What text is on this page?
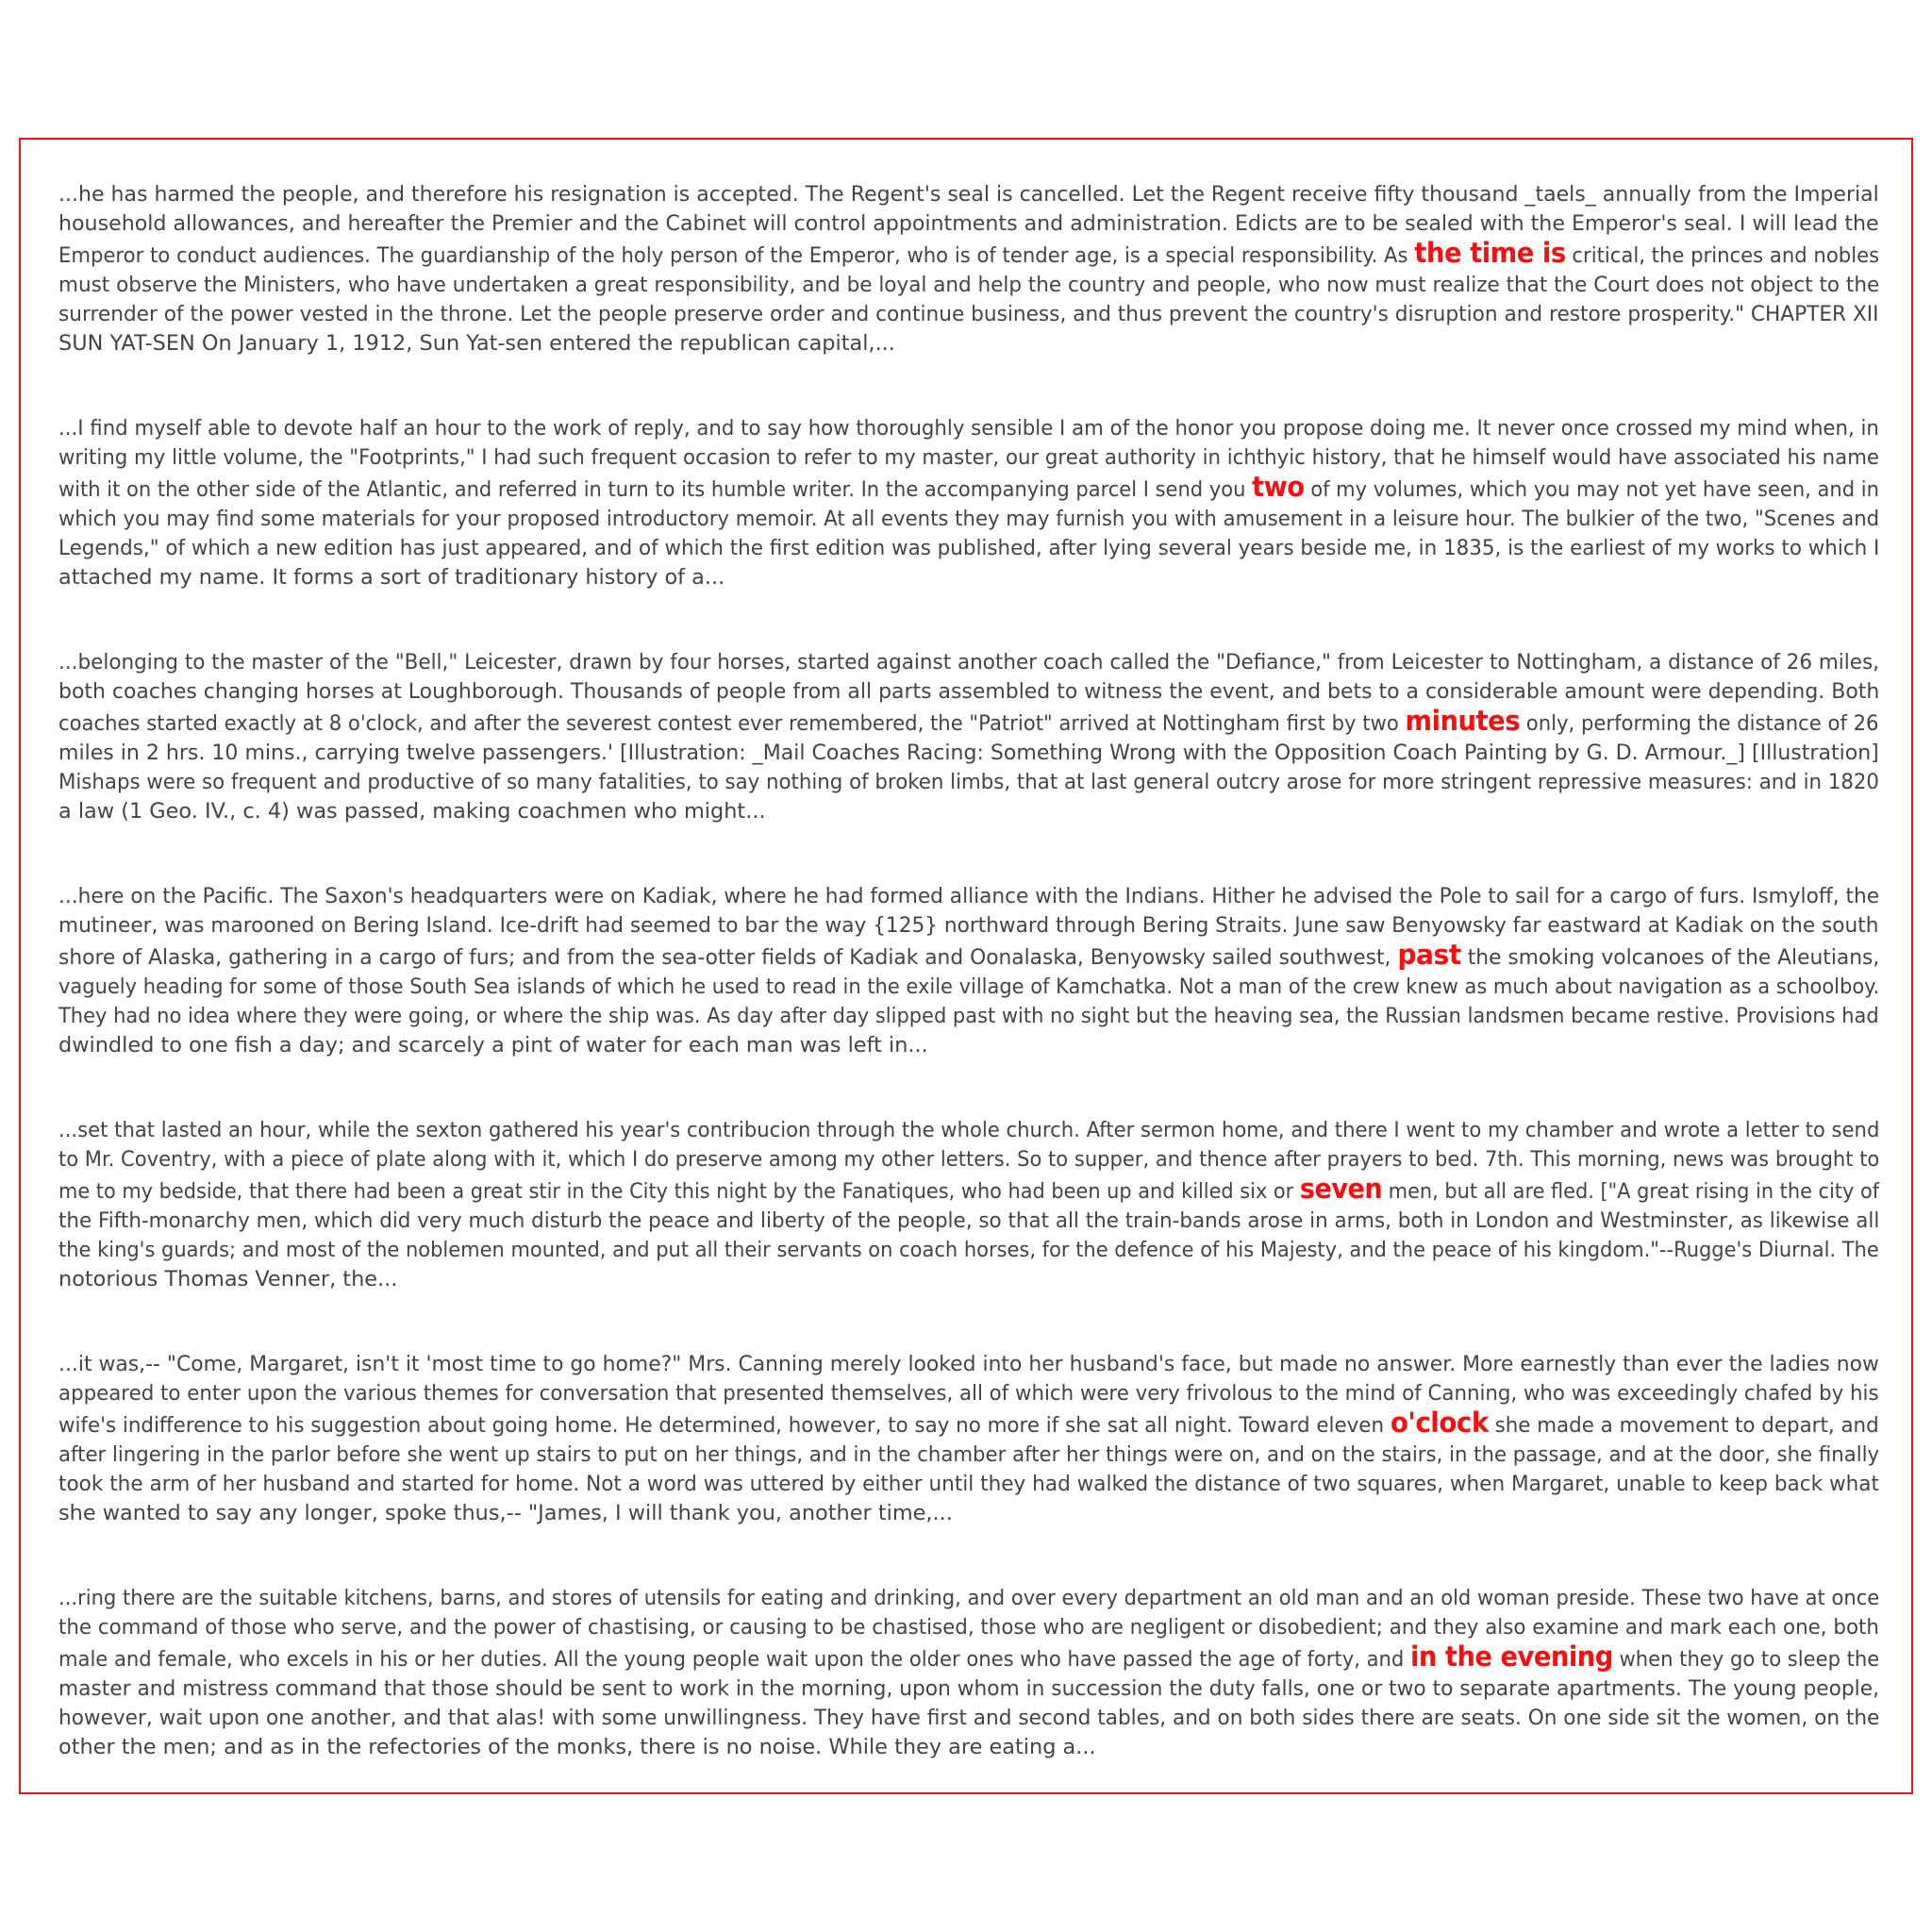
...he has harmed the people, and therefore his resignation is accepted. The Regent's seal is cancelled. Let the Regent receive fifty thousand _taels_ annually from the Imperial
household allowances, and hereafter the Premier and the Cabinet will control appointments and administration. Edicts are to be sealed with the Emperor's seal. I will lead the
Emperor to conduct audiences. The guardianship of the holy person of the Emperor, who is of tender age, is a special responsibility. As the time is critical, the princes and nobles
must observe the Ministers, who have undertaken a great responsibility, and be loyal and help the country and people, who now must realize that the Court does not object to the
surrender of the power vested in the throne. Let the people preserve order and continue business, and thus prevent the country's disruption and restore prosperity." CHAPTER XII
SUN YAT-SEN On January 1, 1912, Sun Yat-sen entered the republican capital,...

...I find myself able to devote half an hour to the work of reply, and to say how thoroughly sensible I am of the honor you propose doing me. It never once crossed my mind when, in
writing my little volume, the "Footprints," I had such frequent occasion to refer to my master, our great authority in ichthyic history, that he himself would have associated his name
with it on the other side of the Atlantic, and referred in turn to its humble writer. In the accompanying parcel I send you two of my volumes, which you may not yet have seen, and in
which you may find some materials for your proposed introductory memoir. At all events they may furnish you with amusement in a leisure hour. The bulkier of the two, "Scenes and
Legends," of which a new edition has just appeared, and of which the first edition was published, after lying several years beside me, in 1835, is the earliest of my works to which I
attached my name. It forms a sort of traditionary history of a...

...belonging to the master of the "Bell," Leicester, drawn by four horses, started against another coach called the "Defiance," from Leicester to Nottingham, a distance of 26 miles,
both coaches changing horses at Loughborough. Thousands of people from all parts assembled to witness the event, and bets to a considerable amount were depending. Both
coaches started exactly at 8 o'clock, and after the severest contest ever remembered, the "Patriot" arrived at Nottingham first by two minutes only, performing the distance of 26
miles in 2 hrs. 10 mins., carrying twelve passengers.' [Illustration: _Mail Coaches Racing: Something Wrong with the Opposition Coach Painting by G. D. Armour._] [Illustration]
Mishaps were so frequent and productive of so many fatalities, to say nothing of broken limbs, that at last general outcry arose for more stringent repressive measures: and in 1820
a law (1 Geo. IV., c. 4) was passed, making coachmen who might...

...here on the Pacific. The Saxon's headquarters were on Kadiak, where he had formed alliance with the Indians. Hither he advised the Pole to sail for a cargo of furs. Ismyloff, the
mutineer, was marooned on Bering Island. Ice-drift had seemed to bar the way {125} northward through Bering Straits. June saw Benyowsky far eastward at Kadiak on the south
shore of Alaska, gathering in a cargo of furs; and from the sea-otter fields of Kadiak and Oonalaska, Benyowsky sailed southwest, past the smoking volcanoes of the Aleutians,
vaguely heading for some of those South Sea islands of which he used to read in the exile village of Kamchatka. Not a man of the crew knew as much about navigation as a schoolboy.
They had no idea where they were going, or where the ship was. As day after day slipped past with no sight but the heaving sea, the Russian landsmen became restive. Provisions had
dwindled to one fish a day; and scarcely a pint of water for each man was left in...

...set that lasted an hour, while the sexton gathered his year's contribucion through the whole church. After sermon home, and there I went to my chamber and wrote a letter to send
to Mr. Coventry, with a piece of plate along with it, which I do preserve among my other letters. So to supper, and thence after prayers to bed. 7th. This morning, news was brought to
me to my bedside, that there had been a great stir in the City this night by the Fanatiques, who had been up and killed six or seven men, but all are fled. ["A great rising in the city of
the Fifth-monarchy men, which did very much disturb the peace and liberty of the people, so that all the train-bands arose in arms, both in London and Westminster, as likewise all
the king's guards; and most of the noblemen mounted, and put all their servants on coach horses, for the defence of his Majesty, and the peace of his kingdom."--Rugge's Diurnal. The
notorious Thomas Venner, the...

...it was,-- "Come, Margaret, isn't it 'most time to go home?" Mrs. Canning merely looked into her husband's face, but made no answer. More earnestly than ever the ladies now
appeared to enter upon the various themes for conversation that presented themselves, all of which were very frivolous to the mind of Canning, who was exceedingly chafed by his
wife's indifference to his suggestion about going home. He determined, however, to say no more if she sat all night. Toward eleven o'clock she made a movement to depart, and
after lingering in the parlor before she went up stairs to put on her things, and in the chamber after her things were on, and on the stairs, in the passage, and at the door, she finally
took the arm of her husband and started for home. Not a word was uttered by either until they had walked the distance of two squares, when Margaret, unable to keep back what
she wanted to say any longer, spoke thus,-- "James, I will thank you, another time,...

...ring there are the suitable kitchens, barns, and stores of utensils for eating and drinking, and over every department an old man and an old woman preside. These two have at once
the command of those who serve, and the power of chastising, or causing to be chastised, those who are negligent or disobedient; and they also examine and mark each one, both
male and female, who excels in his or her duties. All the young people wait upon the older ones who have passed the age of forty, and in the evening when they go to sleep the
master and mistress command that those should be sent to work in the morning, upon whom in succession the duty falls, one or two to separate apartments. The young people,
however, wait upon one another, and that alas! with some unwillingness. They have first and second tables, and on both sides there are seats. On one side sit the women, on the
other the men; and as in the refectories of the monks, there is no noise. While they are eating a...
